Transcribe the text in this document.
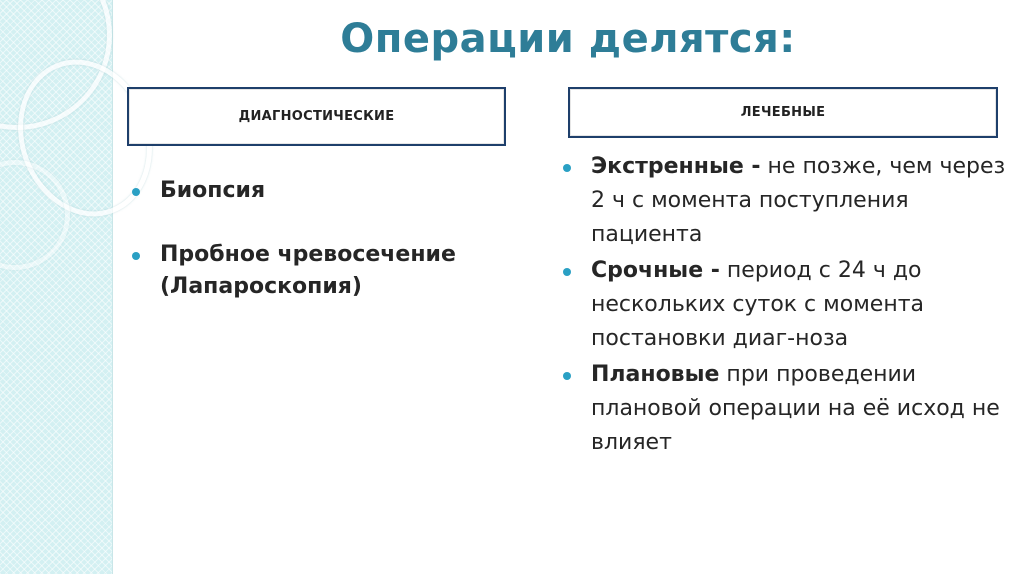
Операции делятся:
ДИАГНОСТИЧЕСКИЕ	ЛЕЧЕБНЫЕ
Биопсия
Пробное чревосечение (Лапароскопия)
Экстренные - не позже, чем через 2 ч с момента поступления пациента
Срочные - период с 24 ч до нескольких суток с момента постановки диаг-ноза
Плановые при проведении плановой операции на её исход не влияет
